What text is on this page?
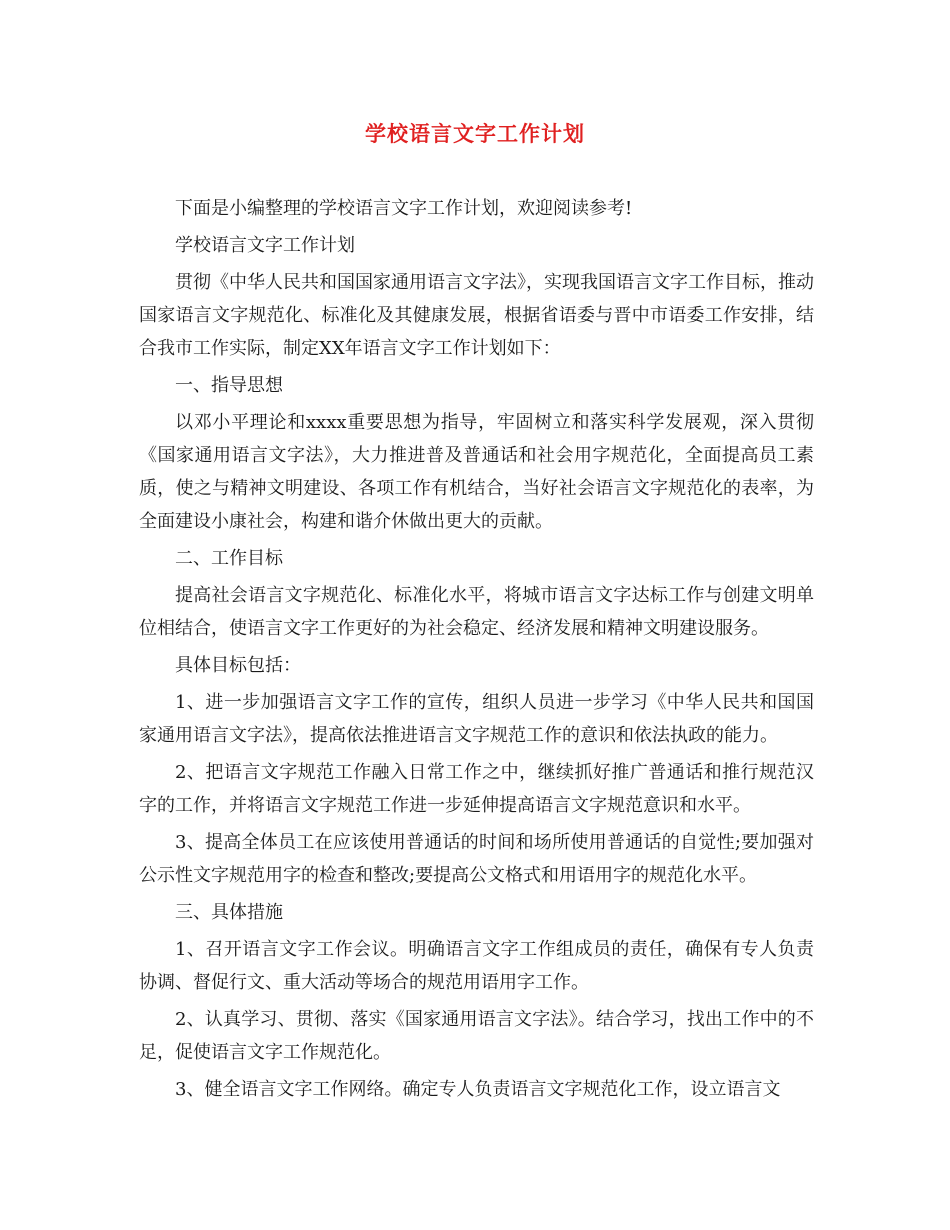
学校语言文字工作计划

下面是小编整理的学校语言文字工作计划，欢迎阅读参考!

学校语言文字工作计划

贯彻《中华人民共和国国家通用语言文字法》，实现我国语言文字工作目标，推动国家语言文字规范化、标准化及其健康发展，根据省语委与晋中市语委工作安排，结合我市工作实际，制定XX年语言文字工作计划如下：

一、指导思想

以邓小平理论和xxxx重要思想为指导，牢固树立和落实科学发展观，深入贯彻《国家通用语言文字法》，大力推进普及普通话和社会用字规范化，全面提高员工素质，使之与精神文明建设、各项工作有机结合，当好社会语言文字规范化的表率，为全面建设小康社会，构建和谐介休做出更大的贡献。

二、工作目标

提高社会语言文字规范化、标准化水平，将城市语言文字达标工作与创建文明单位相结合，使语言文字工作更好的为社会稳定、经济发展和精神文明建设服务。

具体目标包括：

1、进一步加强语言文字工作的宣传，组织人员进一步学习《中华人民共和国国家通用语言文字法》，提高依法推进语言文字规范工作的意识和依法执政的能力。

2、把语言文字规范工作融入日常工作之中，继续抓好推广普通话和推行规范汉字的工作，并将语言文字规范工作进一步延伸提高语言文字规范意识和水平。

3、提高全体员工在应该使用普通话的时间和场所使用普通话的自觉性;要加强对公示性文字规范用字的检查和整改;要提高公文格式和用语用字的规范化水平。

三、具体措施

1、召开语言文字工作会议。明确语言文字工作组成员的责任，确保有专人负责协调、督促行文、重大活动等场合的规范用语用字工作。

2、认真学习、贯彻、落实《国家通用语言文字法》。结合学习，找出工作中的不足，促使语言文字工作规范化。

3、健全语言文字工作网络。确定专人负责语言文字规范化工作，设立语言文
